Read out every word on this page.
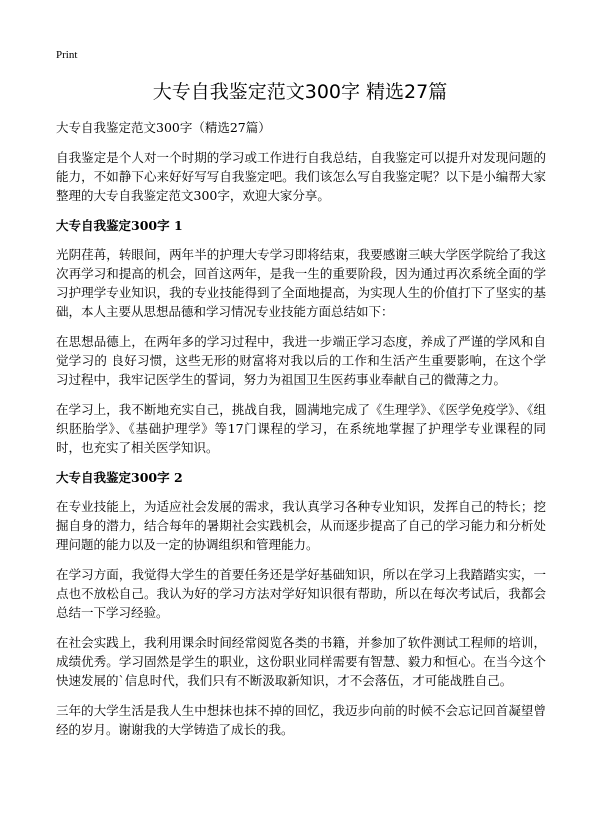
Print
大专自我鉴定范文300字 精选27篇

大专自我鉴定范文300字（精选27篇）

自我鉴定是个人对一个时期的学习或工作进行自我总结，自我鉴定可以提升对发现问题的能力，不如静下心来好好写写自我鉴定吧。我们该怎么写自我鉴定呢？以下是小编帮大家整理的大专自我鉴定范文300字，欢迎大家分享。

大专自我鉴定300字 1

光阴荏苒，转眼间，两年半的护理大专学习即将结束，我要感谢三峡大学医学院给了我这次再学习和提高的机会，回首这两年，是我一生的重要阶段，因为通过再次系统全面的学习护理学专业知识，我的专业技能得到了全面地提高，为实现人生的价值打下了坚实的基础，本人主要从思想品德和学习情况专业技能方面总结如下：

在思想品德上，在两年多的学习过程中，我进一步端正学习态度，养成了严谨的学风和自觉学习的 良好习惯，这些无形的财富将对我以后的工作和生活产生重要影响，在这个学习过程中，我牢记医学生的誓词，努力为祖国卫生医药事业奉献自己的微薄之力。

在学习上，我不断地充实自己，挑战自我，圆满地完成了《生理学》、《医学免疫学》、《组织胚胎学》、《基础护理学》等17门课程的学习，在系统地掌握了护理学专业课程的同时，也充实了相关医学知识。

大专自我鉴定300字 2

在专业技能上，为适应社会发展的需求，我认真学习各种专业知识，发挥自己的特长；挖掘自身的潜力，结合每年的暑期社会实践机会，从而逐步提高了自己的学习能力和分析处理问题的能力以及一定的协调组织和管理能力。

在学习方面，我觉得大学生的首要任务还是学好基础知识，所以在学习上我踏踏实实，一点也不放松自己。我认为好的学习方法对学好知识很有帮助，所以在每次考试后，我都会总结一下学习经验。

在社会实践上，我利用课余时间经常阅览各类的书籍，并参加了软件测试工程师的培训，成绩优秀。学习固然是学生的职业，这份职业同样需要有智慧、毅力和恒心。在当今这个快速发展的`信息时代，我们只有不断汲取新知识，才不会落伍，才可能战胜自己。

三年的大学生活是我人生中想抹也抹不掉的回忆，我迈步向前的时候不会忘记回首凝望曾经的岁月。谢谢我的大学铸造了成长的我。
